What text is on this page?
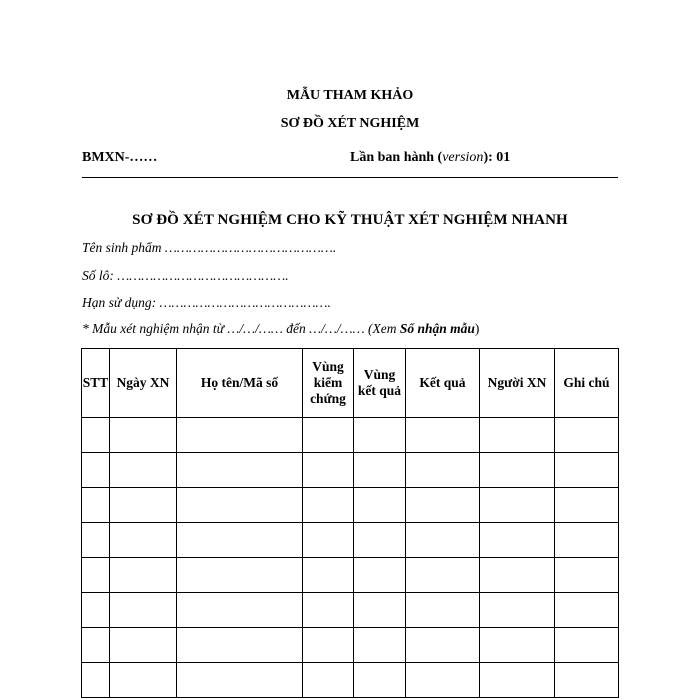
MẪU THAM KHẢO
SƠ ĐỒ XÉT NGHIỆM
BMXN-……	Lần ban hành (version): 01
SƠ ĐỒ XÉT NGHIỆM CHO KỸ THUẬT XÉT NGHIỆM NHANH
Tên sinh phẩm …………………………………….
Số lô: …………………………………….
Hạn sử dụng: …………………………………….
* Mẫu xét nghiệm nhận từ …/…/…… đến …/…/…… (Xem Sổ nhận mẫu)
STT	Ngày XN	Họ tên/Mã số	Vùng kiểm chứng	Vùng kết quả	Kết quả	Người XN	Ghi chú
